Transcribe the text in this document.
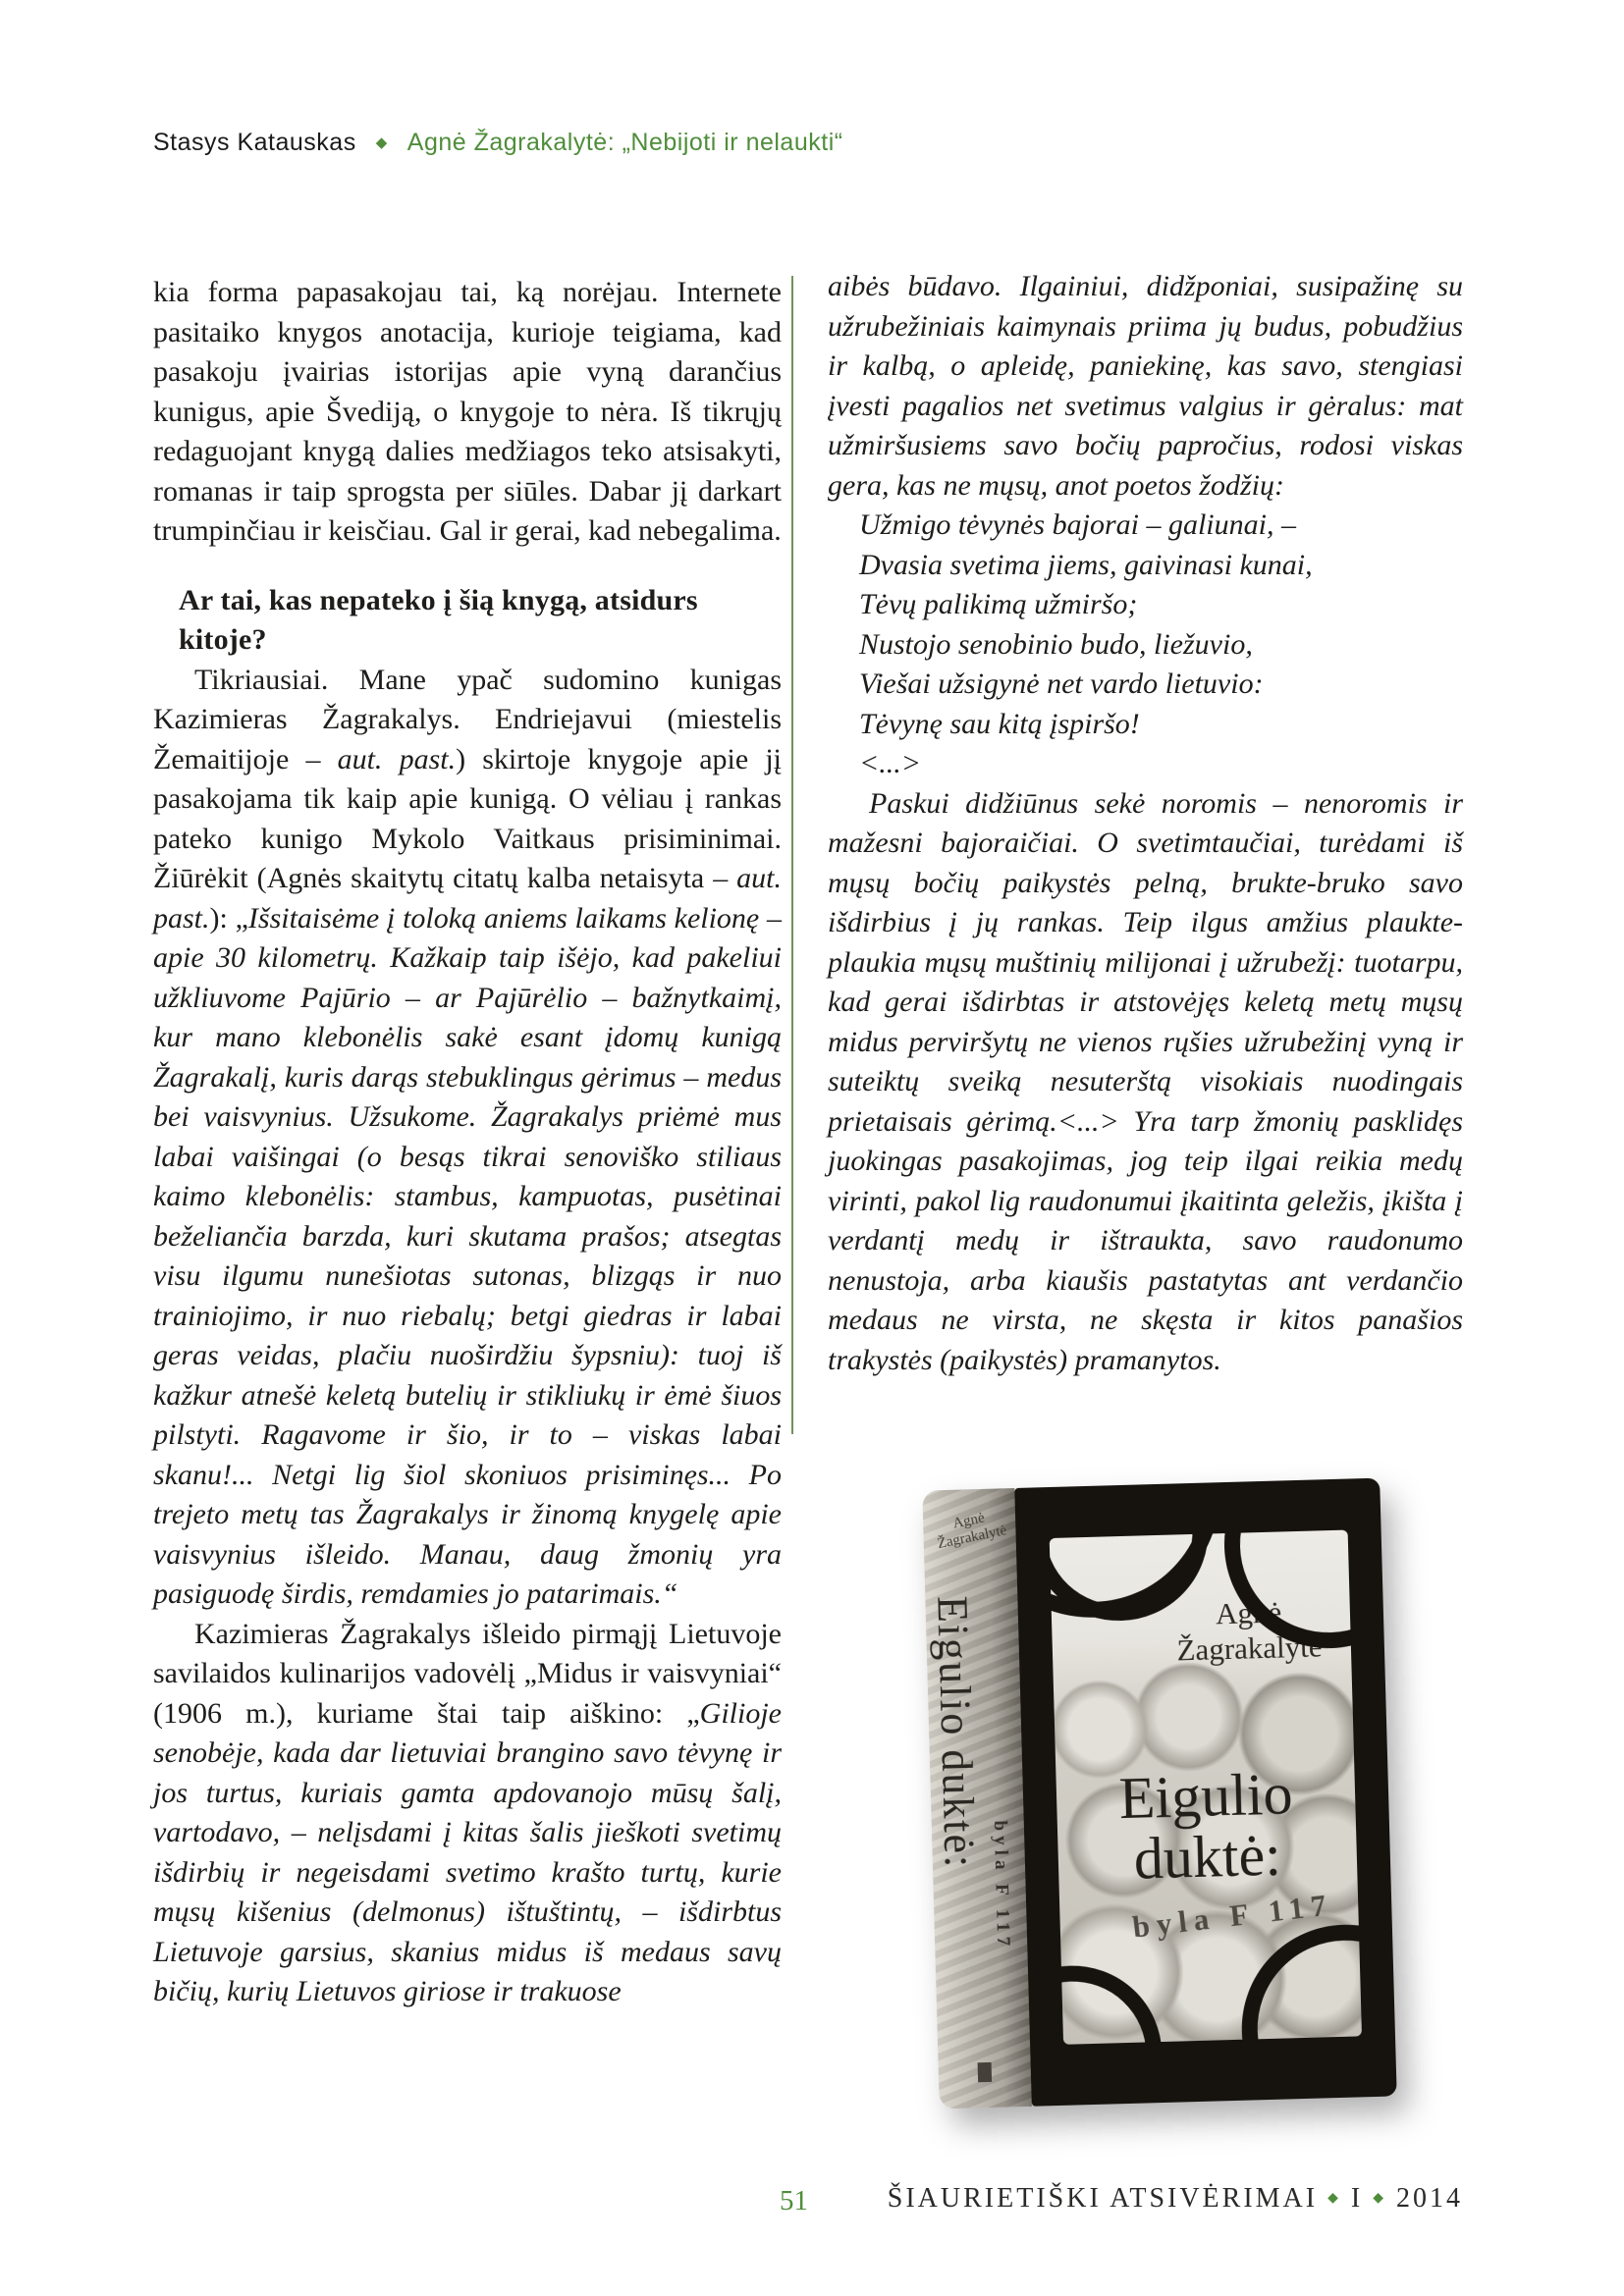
Stasys Katauskas ◆ Agnė Žagrakalytė: „Nebijoti ir nelaukti“

kia forma papasakojau tai, ką norėjau. Internete pasitaiko knygos anotacija, kurioje teigiama, kad pasakoju įvairias istorijas apie vyną darančius kunigus, apie Švediją, o knygoje to nėra. Iš tikrųjų redaguojant knygą dalies medžiagos teko atsisakyti, romanas ir taip sprogsta per siūles. Dabar jį darkart trumpinčiau ir keisčiau. Gal ir gerai, kad nebegalima.

Ar tai, kas nepateko į šią knygą, atsidurs kitoje?

Tikriausiai. Mane ypač sudomino kunigas Kazimieras Žagrakalys. Endriejavui (miestelis Žemaitijoje – aut. past.) skirtoje knygoje apie jį pasakojama tik kaip apie kunigą. O vėliau į rankas pateko kunigo Mykolo Vaitkaus prisiminimai. Žiūrėkit (Agnės skaitytų citatų kalba netaisyta – aut. past.): „Išsitaisėme į toloką aniems laikams kelionę – apie 30 kilometrų. Kažkaip taip išėjo, kad pakeliui užkliuvome Pajūrio – ar Pajūrėlio – bažnytkaimį, kur mano klebonėlis sakė esant įdomų kunigą Žagrakalį, kuris darąs stebuklingus gėrimus – medus bei vaisvynius. Užsukome. Žagrakalys priėmė mus labai vaišingai (o besąs tikrai senoviško stiliaus kaimo klebonėlis: stambus, kampuotas, pusėtinai beželiančia barzda, kuri skutama prašos; atsegtas visu ilgumu nunešiotas sutonas, blizgąs ir nuo trainiojimo, ir nuo riebalų; betgi giedras ir labai geras veidas, plačiu nuoširdžiu šypsniu): tuoj iš kažkur atnešė keletą butelių ir stikliukų ir ėmė šiuos pilstyti. Ragavome ir šio, ir to – viskas labai skanu!... Netgi lig šiol skoniuos prisiminęs... Po trejeto metų tas Žagrakalys ir žinomą knygelę apie vaisvynius išleido. Manau, daug žmonių yra pasiguodę širdis, remdamies jo patarimais.“

Kazimieras Žagrakalys išleido pirmąjį Lietuvoje savilaidos kulinarijos vadovėlį „Midus ir vaisvyniai“ (1906 m.), kuriame štai taip aiškino: „Gilioje senobėje, kada dar lietuviai brangino savo tėvynę ir jos turtus, kuriais gamta apdovanojo mūsų šalį, vartodavo, – nelįsdami į kitas šalis jieškoti svetimų išdirbių ir negeisdami svetimo krašto turtų, kurie mųsų kišenius (delmonus) ištuštintų, – išdirbtus Lietuvoje garsius, skanius midus iš medaus savų bičių, kurių Lietuvos giriose ir trakuose

aibės būdavo. Ilgainiui, didžponiai, susipažinę su užrubežiniais kaimynais priima jų budus, pobudžius ir kalbą, o apleidę, paniekinę, kas savo, stengiasi įvesti pagalios net svetimus valgius ir gėralus: mat užmiršusiems savo bočių papročius, rodosi viskas gera, kas ne mųsų, anot poetos žodžių:

Užmigo tėvynės bajorai – galiunai, –
Dvasia svetima jiems, gaivinasi kunai,
Tėvų palikimą užmiršo;
Nustojo senobinio budo, liežuvio,
Viešai užsigynė net vardo lietuvio:
Tėvynę sau kitą įspiršo!
<...>

Paskui didžiūnus sekė noromis – nenoromis ir mažesni bajoraičiai. O svetimtaučiai, turėdami iš mųsų bočių paikystės pelną, brukte-bruko savo išdirbius į jų rankas. Teip ilgus amžius plaukte-plaukia mųsų muštinių milijonai į užrubežį: tuotarpu, kad gerai išdirbtas ir atstovėjęs keletą metų mųsų midus perviršytų ne vienos rųšies užrubežinį vyną ir suteiktų sveiką nesuterštą visokiais nuodingais prietaisais gėrimą.<...> Yra tarp žmonių pasklidęs juokingas pasakojimas, jog teip ilgai reikia medų virinti, pakol lig raudonumui įkaitinta geležis, įkišta į verdantį medų ir ištraukta, savo raudonumo nenustoja, arba kiaušis pastatytas ant verdančio medaus ne virsta, ne skęsta ir kitos panašios trakystės (paikystės) pramanytos.

Agnė Žagrakalytė
Eigulio duktė:
byla F 117
Agnė
Žagrakalytė
Eigulio
duktė:
byla F 117
51	ŠIAURIETIŠKI ATSIVĖRIMAI ◆ I ◆ 2014
